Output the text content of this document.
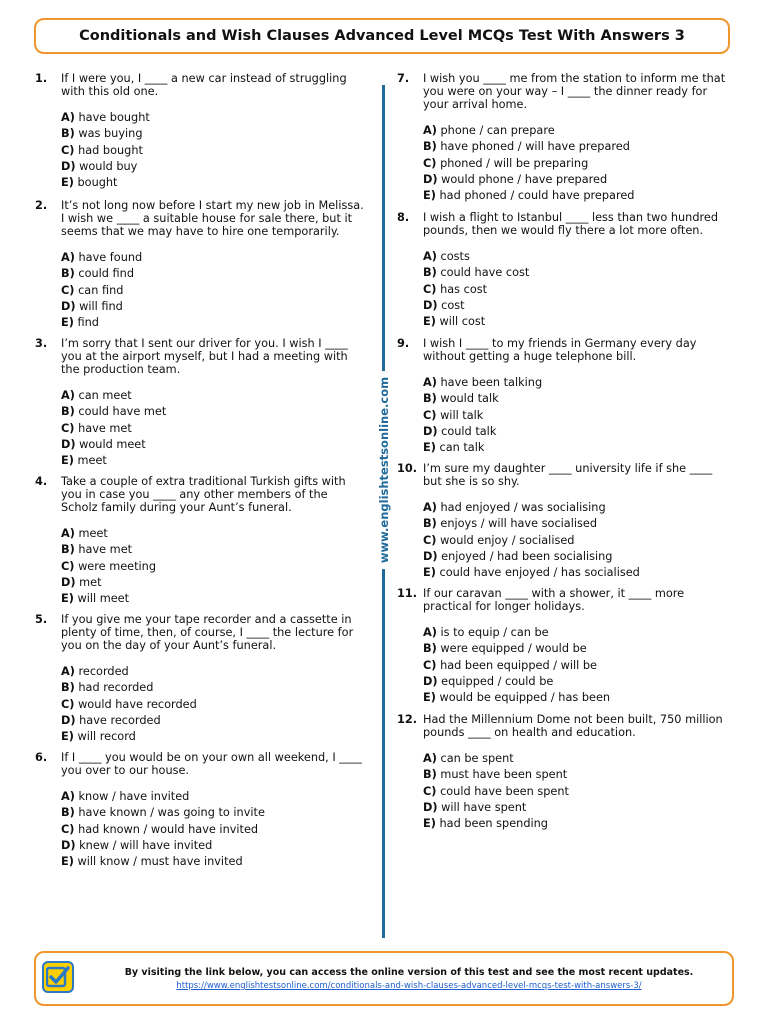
Conditionals and Wish Clauses Advanced Level MCQs Test With Answers 3
1.	If I were you, I ____ a new car instead of struggling
with this old one.
A) have bought
B) was buying
C) had bought
D) would buy
E) bought
2.	It’s not long now before I start my new job in Melissa.
I wish we ____ a suitable house for sale there, but it
seems that we may have to hire one temporarily.
A) have found
B) could find
C) can find
D) will find
E) find
3.	I’m sorry that I sent our driver for you. I wish I ____
you at the airport myself, but I had a meeting with
the production team.
A) can meet
B) could have met
C) have met
D) would meet
E) meet
4.	Take a couple of extra traditional Turkish gifts with
you in case you ____ any other members of the
Scholz family during your Aunt’s funeral.
A) meet
B) have met
C) were meeting
D) met
E) will meet
5.	If you give me your tape recorder and a cassette in
plenty of time, then, of course, I ____ the lecture for
you on the day of your Aunt’s funeral.
A) recorded
B) had recorded
C) would have recorded
D) have recorded
E) will record
6.	If I ____ you would be on your own all weekend, I ____
you over to our house.
A) know / have invited
B) have known / was going to invite
C) had known / would have invited
D) knew / will have invited
E) will know / must have invited
www.englishtestsonline.com
7.	I wish you ____ me from the station to inform me that
you were on your way – I ____ the dinner ready for
your arrival home.
A) phone / can prepare
B) have phoned / will have prepared
C) phoned / will be preparing
D) would phone / have prepared
E) had phoned / could have prepared
8.	I wish a flight to Istanbul ____ less than two hundred
pounds, then we would fly there a lot more often.
A) costs
B) could have cost
C) has cost
D) cost
E) will cost
9.	I wish I ____ to my friends in Germany every day
without getting a huge telephone bill.
A) have been talking
B) would talk
C) will talk
D) could talk
E) can talk
10. I’m sure my daughter ____ university life if she ____
but she is so shy.
A) had enjoyed / was socialising
B) enjoys / will have socialised
C) would enjoy / socialised
D) enjoyed / had been socialising
E) could have enjoyed / has socialised
11. If our caravan ____ with a shower, it ____ more
practical for longer holidays.
A) is to equip / can be
B) were equipped / would be
C) had been equipped / will be
D) equipped / could be
E) would be equipped / has been
12. Had the Millennium Dome not been built, 750 million
pounds ____ on health and education.
A) can be spent
B) must have been spent
C) could have been spent
D) will have spent
E) had been spending
By visiting the link below, you can access the online version of this test and see the most recent updates.
https://www.englishtestsonline.com/conditionals-and-wish-clauses-advanced-level-mcqs-test-with-answers-3/
